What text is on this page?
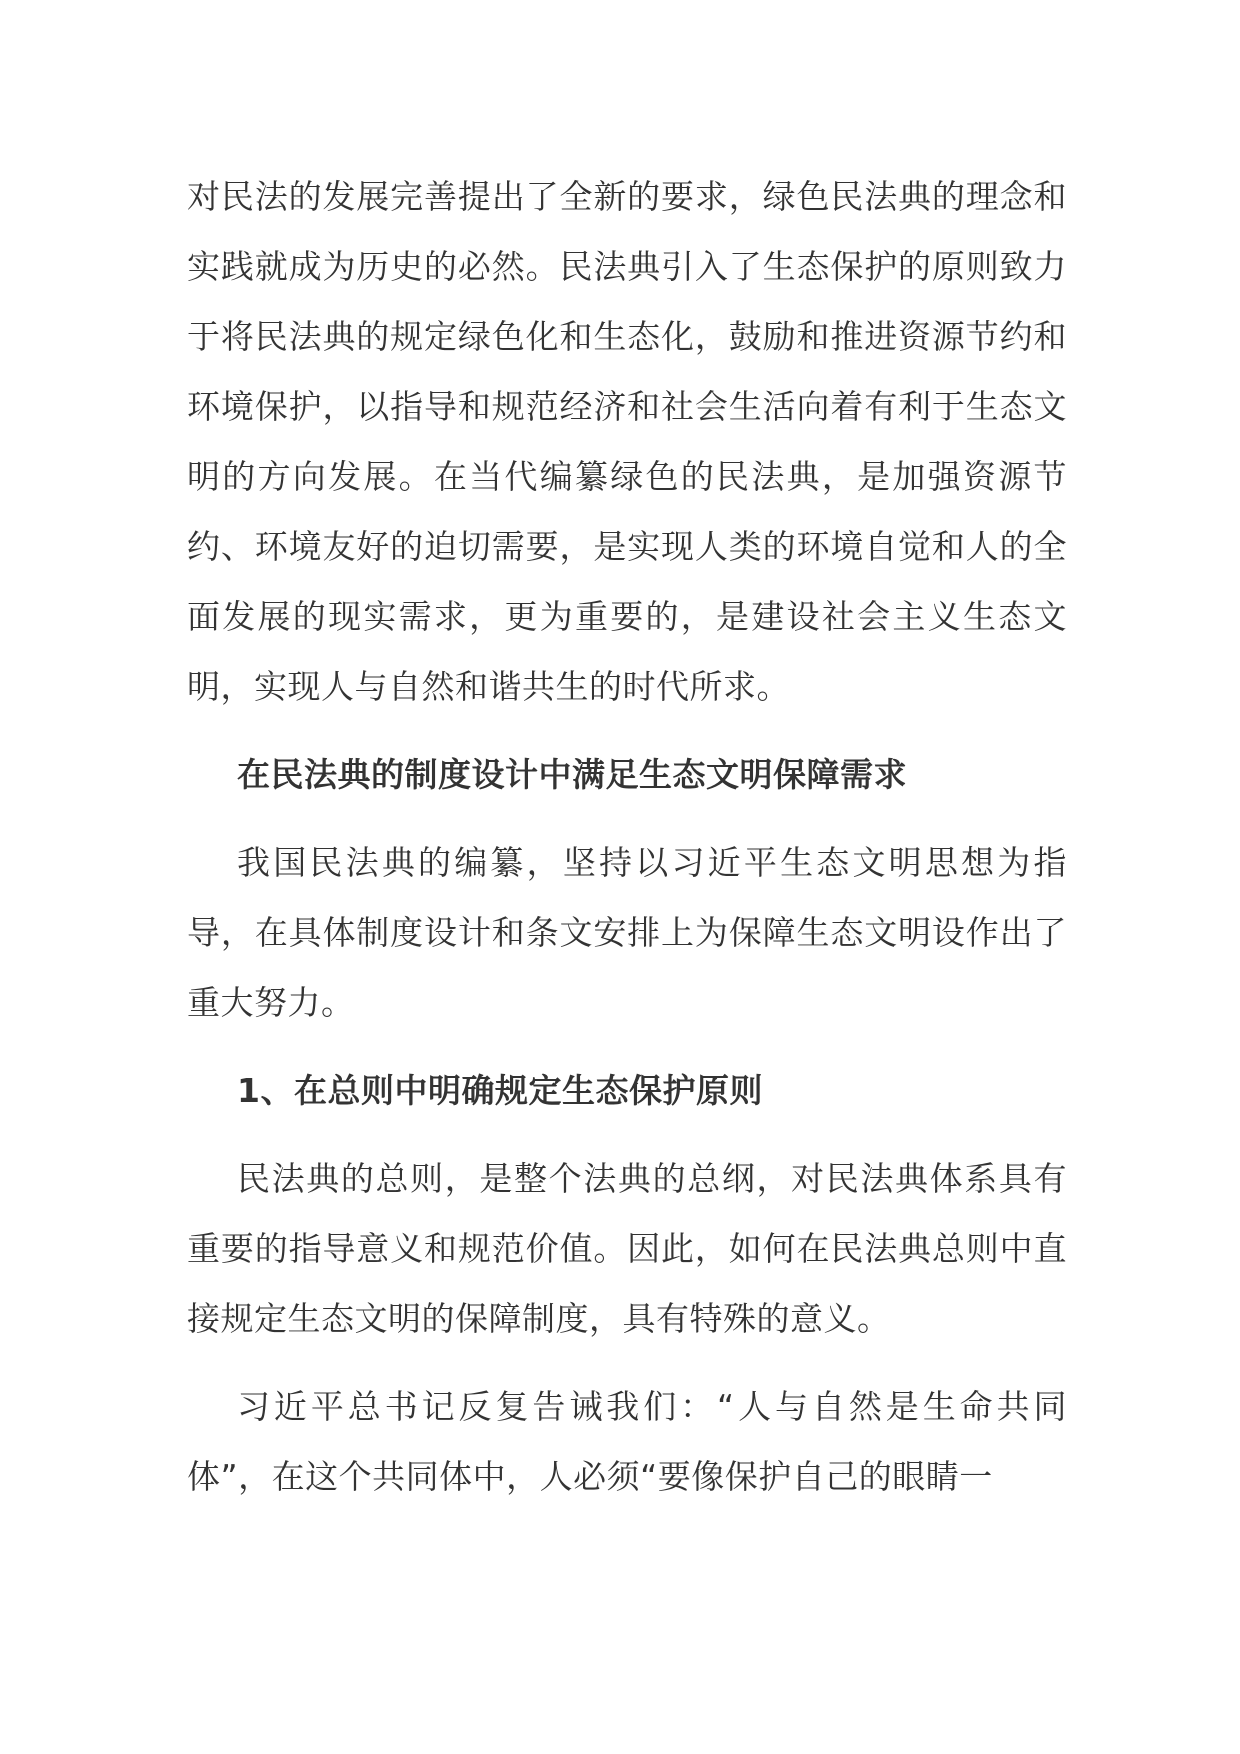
对民法的发展完善提出了全新的要求，绿色民法典的理念和实践就成为历史的必然。民法典引入了生态保护的原则致力于将民法典的规定绿色化和生态化，鼓励和推进资源节约和环境保护，以指导和规范经济和社会生活向着有利于生态文明的方向发展。在当代编纂绿色的民法典，是加强资源节约、环境友好的迫切需要，是实现人类的环境自觉和人的全面发展的现实需求，更为重要的，是建设社会主义生态文明，实现人与自然和谐共生的时代所求。

在民法典的制度设计中满足生态文明保障需求

我国民法典的编纂，坚持以习近平生态文明思想为指导，在具体制度设计和条文安排上为保障生态文明设作出了重大努力。

1、在总则中明确规定生态保护原则

民法典的总则，是整个法典的总纲，对民法典体系具有重要的指导意义和规范价值。因此，如何在民法典总则中直接规定生态文明的保障制度，具有特殊的意义。

习近平总书记反复告诫我们：“人与自然是生命共同体”，在这个共同体中，人必须“要像保护自己的眼睛一
